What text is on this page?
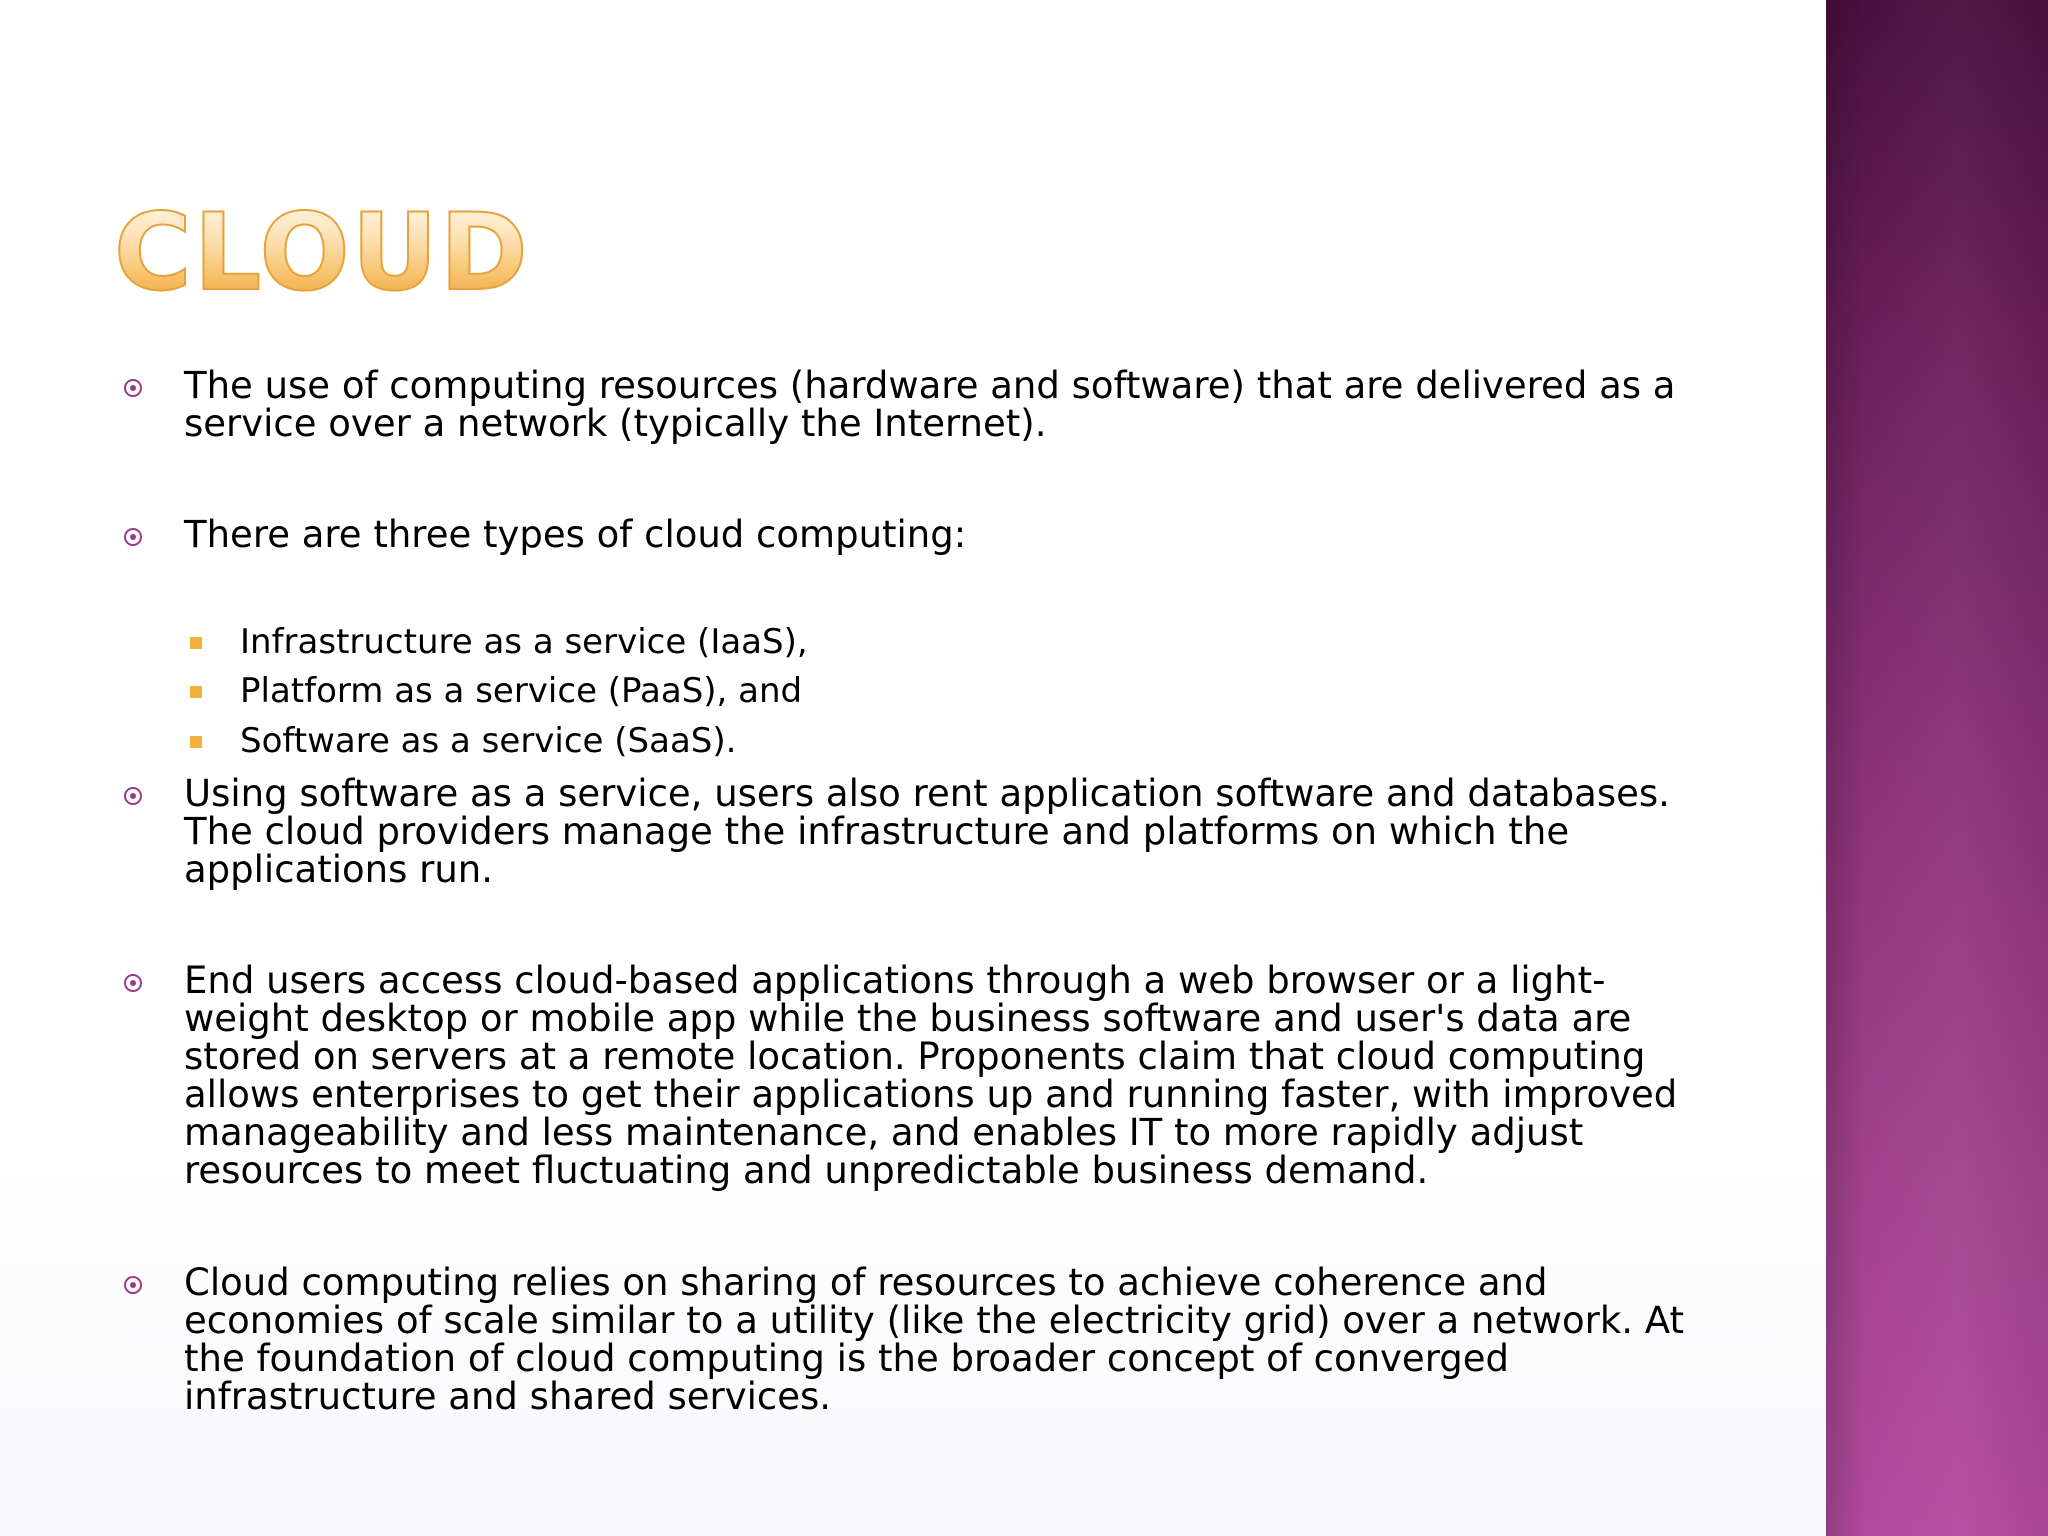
CLOUD

The use of computing resources (hardware and software) that are delivered as a service over a network (typically the Internet).

There are three types of cloud computing:

Infrastructure as a service (IaaS),

Platform as a service (PaaS), and

Software as a service (SaaS).

Using software as a service, users also rent application software and databases. The cloud providers manage the infrastructure and platforms on which the applications run.

End users access cloud-based applications through a web browser or a light-weight desktop or mobile app while the business software and user's data are stored on servers at a remote location. Proponents claim that cloud computing allows enterprises to get their applications up and running faster, with improved manageability and less maintenance, and enables IT to more rapidly adjust resources to meet fluctuating and unpredictable business demand.

Cloud computing relies on sharing of resources to achieve coherence and economies of scale similar to a utility (like the electricity grid) over a network. At the foundation of cloud computing is the broader concept of converged infrastructure and shared services.
